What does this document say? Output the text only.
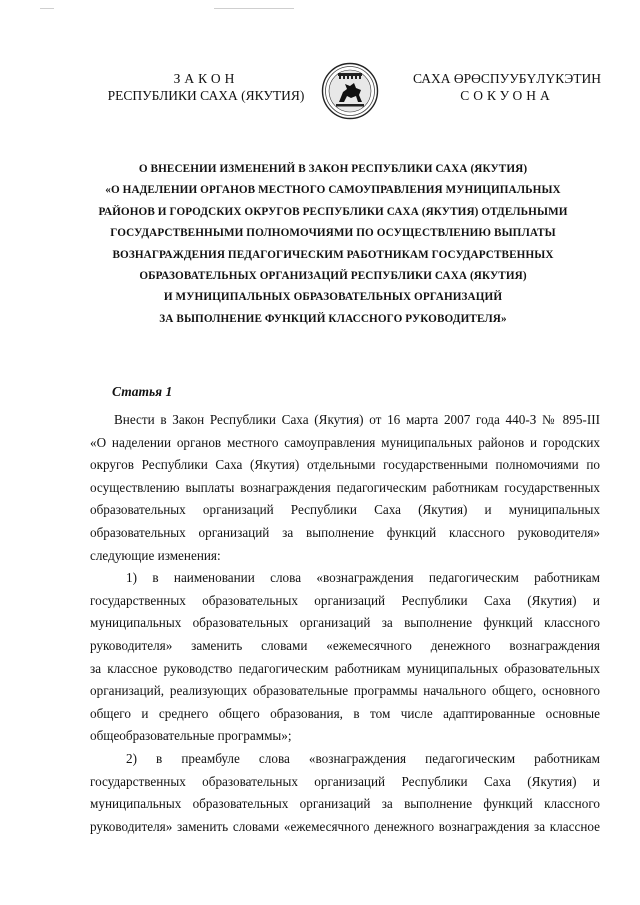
ЗАКОН
РЕСПУБЛИКИ САХА (ЯКУТИЯ)
САХА ӨРӨСПУУБҮЛҮКЭТИН
СОКУОНА
О ВНЕСЕНИИ ИЗМЕНЕНИЙ В ЗАКОН РЕСПУБЛИКИ САХА (ЯКУТИЯ)
«О НАДЕЛЕНИИ ОРГАНОВ МЕСТНОГО САМОУПРАВЛЕНИЯ МУНИЦИПАЛЬНЫХ
РАЙОНОВ И ГОРОДСКИХ ОКРУГОВ РЕСПУБЛИКИ САХА (ЯКУТИЯ) ОТДЕЛЬНЫМИ
ГОСУДАРСТВЕННЫМИ ПОЛНОМОЧИЯМИ ПО ОСУЩЕСТВЛЕНИЮ ВЫПЛАТЫ
ВОЗНАГРАЖДЕНИЯ ПЕДАГОГИЧЕСКИМ РАБОТНИКАМ ГОСУДАРСТВЕННЫХ
ОБРАЗОВАТЕЛЬНЫХ ОРГАНИЗАЦИЙ РЕСПУБЛИКИ САХА (ЯКУТИЯ)
И МУНИЦИПАЛЬНЫХ ОБРАЗОВАТЕЛЬНЫХ ОРГАНИЗАЦИЙ
ЗА ВЫПОЛНЕНИЕ ФУНКЦИЙ КЛАССНОГО РУКОВОДИТЕЛЯ»
Статья 1

Внести в Закон Республики Саха (Якутия) от 16 марта 2007 года 440-З № 895-III

«О наделении органов местного самоуправления муниципальных районов и городских

округов Республики Саха (Якутия) отдельными государственными полномочиями по

осуществлению выплаты вознаграждения педагогическим работникам государственных

образовательных организаций Республики Саха (Якутия) и муниципальных

образовательных организаций за выполнение функций классного руководителя»

следующие изменения:

1) в наименовании слова «вознаграждения педагогическим работникам

государственных образовательных организаций Республики Саха (Якутия) и

муниципальных образовательных организаций за выполнение функций классного

руководителя» заменить словами «ежемесячного денежного вознаграждения

за классное руководство педагогическим работникам муниципальных образовательных

организаций, реализующих образовательные программы начального общего, основного

общего и среднего общего образования, в том числе адаптированные основные

общеобразовательные программы»;

2) в преамбуле слова «вознаграждения педагогическим работникам

государственных образовательных организаций Республики Саха (Якутия) и

муниципальных образовательных организаций за выполнение функций классного

руководителя» заменить словами «ежемесячного денежного вознаграждения за классное
